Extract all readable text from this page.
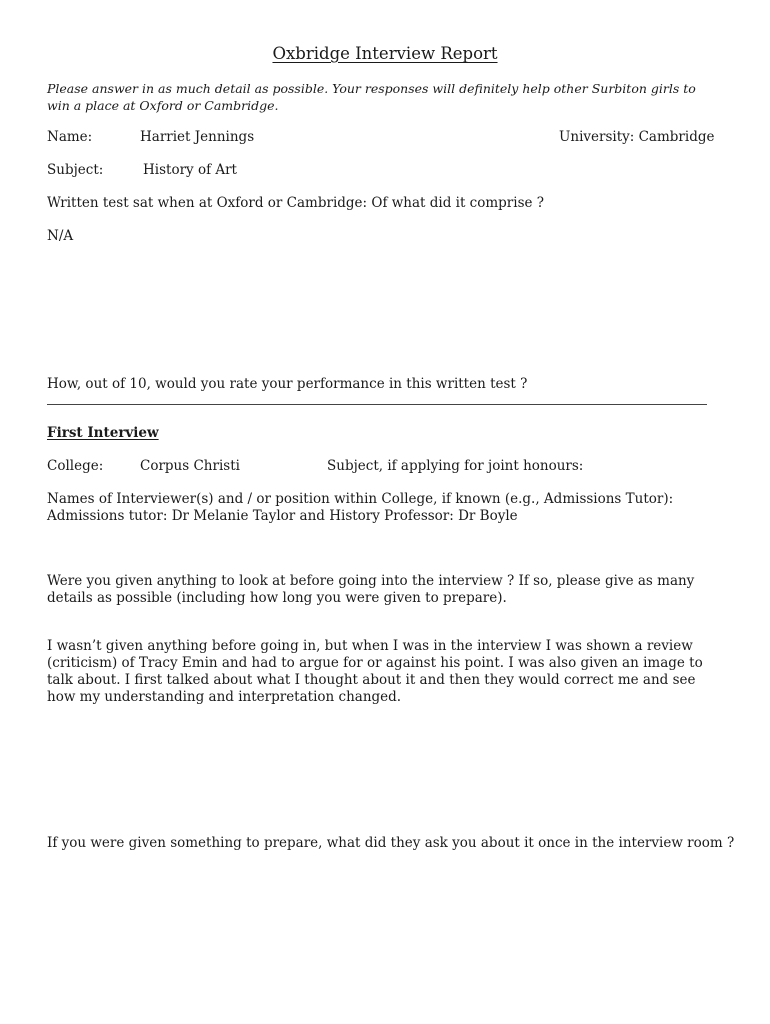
Oxbridge Interview Report
Please answer in as much detail as possible. Your responses will definitely help other Surbiton girls to win a place at Oxford or Cambridge.
Name:	Harriet Jennings	University: Cambridge
Subject:	History of Art
Written test sat when at Oxford or Cambridge: Of what did it comprise ?
N/A
How, out of 10, would you rate your performance in this written test ?
First Interview
College:	Corpus Christi	Subject, if applying for joint honours:
Names of Interviewer(s) and / or position within College, if known (e.g., Admissions Tutor):
Admissions tutor: Dr Melanie Taylor and History Professor: Dr Boyle
Were you given anything to look at before going into the interview ? If so, please give as many details as possible (including how long you were given to prepare).
I wasn’t given anything before going in, but when I was in the interview I was shown a review (criticism) of Tracy Emin and had to argue for or against his point. I was also given an image to talk about. I first talked about what I thought about it and then they would correct me and see how my understanding and interpretation changed.
If you were given something to prepare, what did they ask you about it once in the interview room ?
